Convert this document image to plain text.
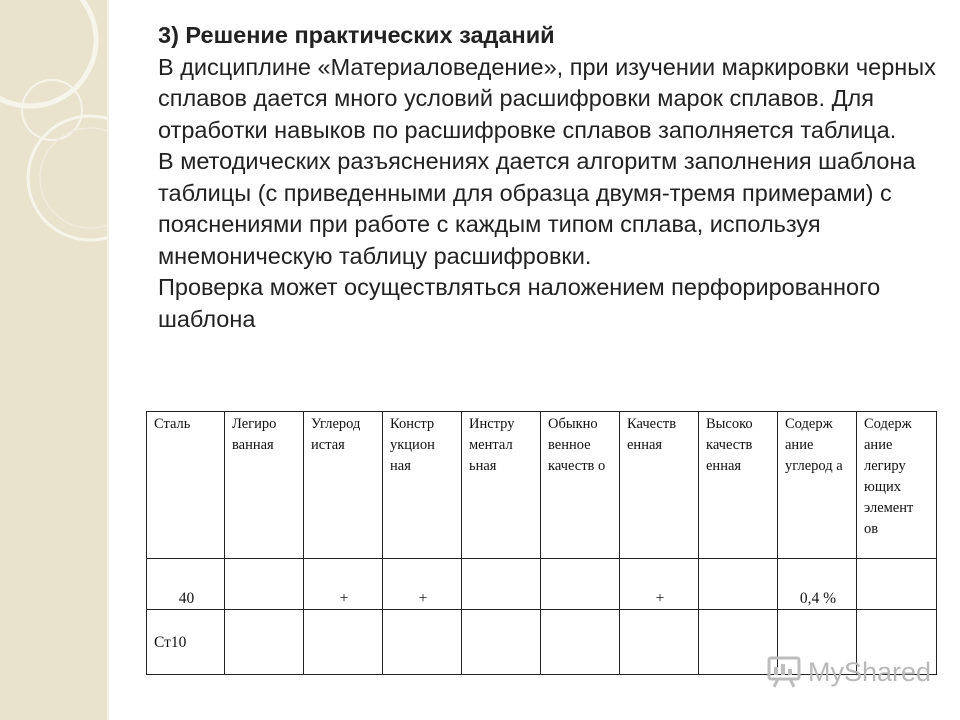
3) Решение практических заданий

В дисциплине «Материаловедение», при изучении маркировки черных сплавов дается много условий расшифровки марок сплавов. Для отработки навыков по расшифровке сплавов заполняется таблица.

В методических разъяснениях дается алгоритм заполнения шаблона таблицы (с приведенными для образца двумя-тремя примерами) с пояснениями при работе с каждым типом сплава, используя мнемоническую таблицу расшифровки.

Проверка может осуществляться наложением перфорированного шаблона

Сталь	Легиро ванная	Углерод истая	Констр укцион ная	Инстру ментал ьная	Обыкно венное качеств о	Качеств енная	Высоко качеств енная	Содерж ание углерод а	Содерж ание легиру ющих элемент ов
40		+	+			+		0,4 %	
Ст10									
MyShared
